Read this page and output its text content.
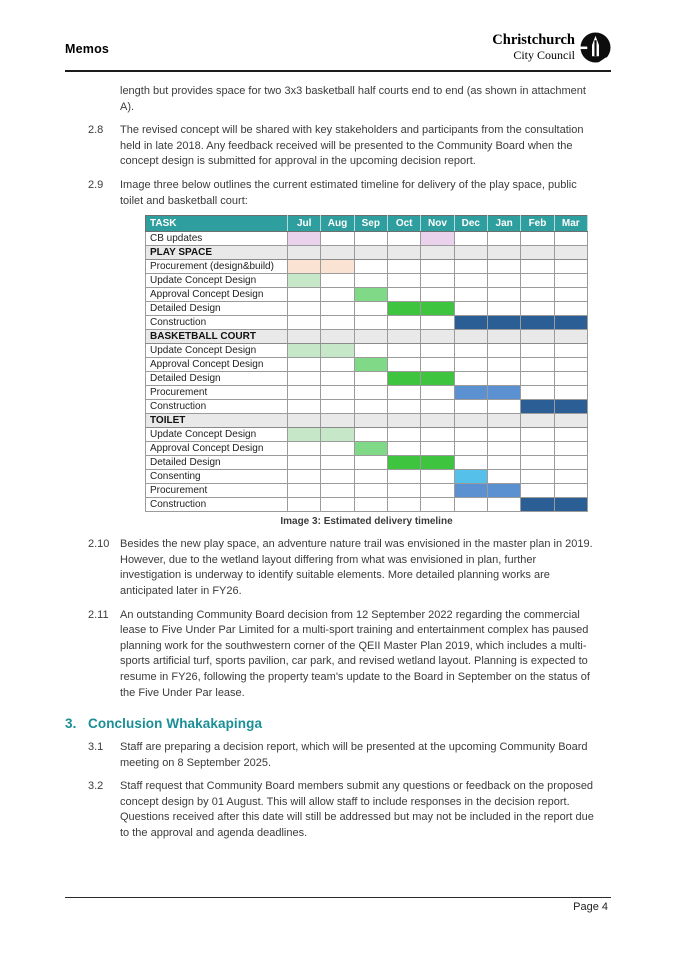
Memos
Christchurch
City Council
length but provides space for two 3x3 basketball half courts end to end (as shown in attachment A).
2.8	The revised concept will be shared with key stakeholders and participants from the consultation held in late 2018. Any feedback received will be presented to the Community Board when the concept design is submitted for approval in the upcoming decision report.
2.9	Image three below outlines the current estimated timeline for delivery of the play space, public toilet and basketball court:
TASK	Jul	Aug	Sep	Oct	Nov	Dec	Jan	Feb	Mar
CB updates									
PLAY SPACE									
Procurement (design&build)									
Update Concept Design									
Approval Concept Design									
Detailed Design									
Construction									
BASKETBALL COURT									
Update Concept Design									
Approval Concept Design									
Detailed Design									
Procurement									
Construction									
TOILET									
Update Concept Design									
Approval Concept Design									
Detailed Design									
Consenting									
Procurement									
Construction									
Image 3: Estimated delivery timeline
2.10 Besides the new play space, an adventure nature trail was envisioned in the master plan in 2019. However, due to the wetland layout differing from what was envisioned in plan, further investigation is underway to identify suitable elements. More detailed planning works are anticipated later in FY26.
2.11	An outstanding Community Board decision from 12 September 2022 regarding the commercial lease to Five Under Par Limited for a multi-sport training and entertainment complex has paused planning work for the southwestern corner of the QEII Master Plan 2019, which includes a multi-sports artificial turf, sports pavilion, car park, and revised wetland layout. Planning is expected to resume in FY26, following the property team's update to the Board in September on the status of the Five Under Par lease.
3. Conclusion Whakakapinga
3.1	Staff are preparing a decision report, which will be presented at the upcoming Community Board meeting on 8 September 2025.
3.2	Staff request that Community Board members submit any questions or feedback on the proposed concept design by 01 August. This will allow staff to include responses in the decision report. Questions received after this date will still be addressed but may not be included in the report due to the approval and agenda deadlines.
Page 4
